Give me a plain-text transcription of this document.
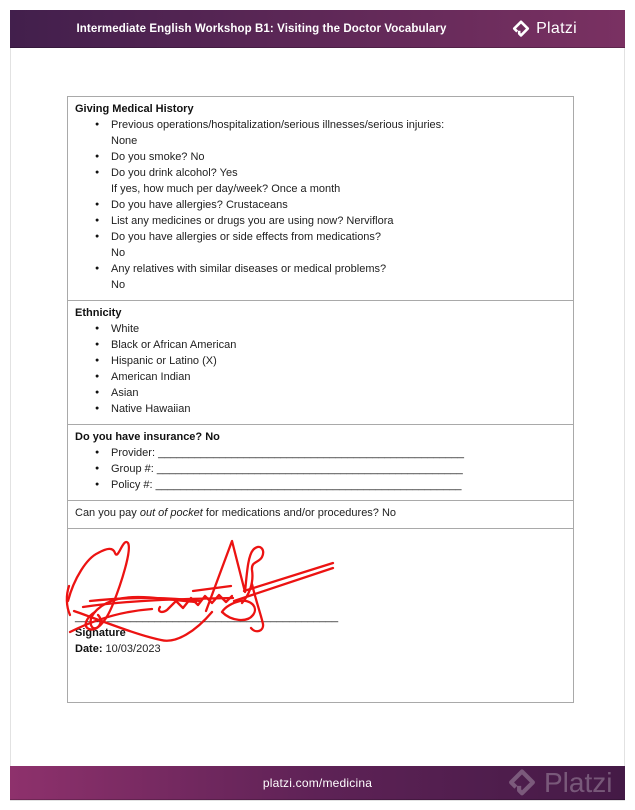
Intermediate English Workshop B1: Visiting the Doctor Vocabulary	Platzi
Giving Medical History
●
Previous operations/hospitalization/serious illnesses/serious injuries:
None
●
Do you smoke? No
●
Do you drink alcohol? Yes
If yes, how much per day/week? Once a month
●
Do you have allergies? Crustaceans
●
List any medicines or drugs you are using now? Nerviflora
●
Do you have allergies or side effects from medications?
No
●
Any relatives with similar diseases or medical problems?
No
Ethnicity
●
White
●
Black or African American
●
Hispanic or Latino (X)
●
American Indian
●
Asian
●
Native Hawaiian
Do you have insurance? No
●
Provider: __________________________________________________
●
Group #: __________________________________________________
●
Policy #: __________________________________________________
Can you pay out of pocket for medications and/or procedures? No
___________________________________________
Signature
Date: 10/03/2023
platzi.com/medicina	Platzi
